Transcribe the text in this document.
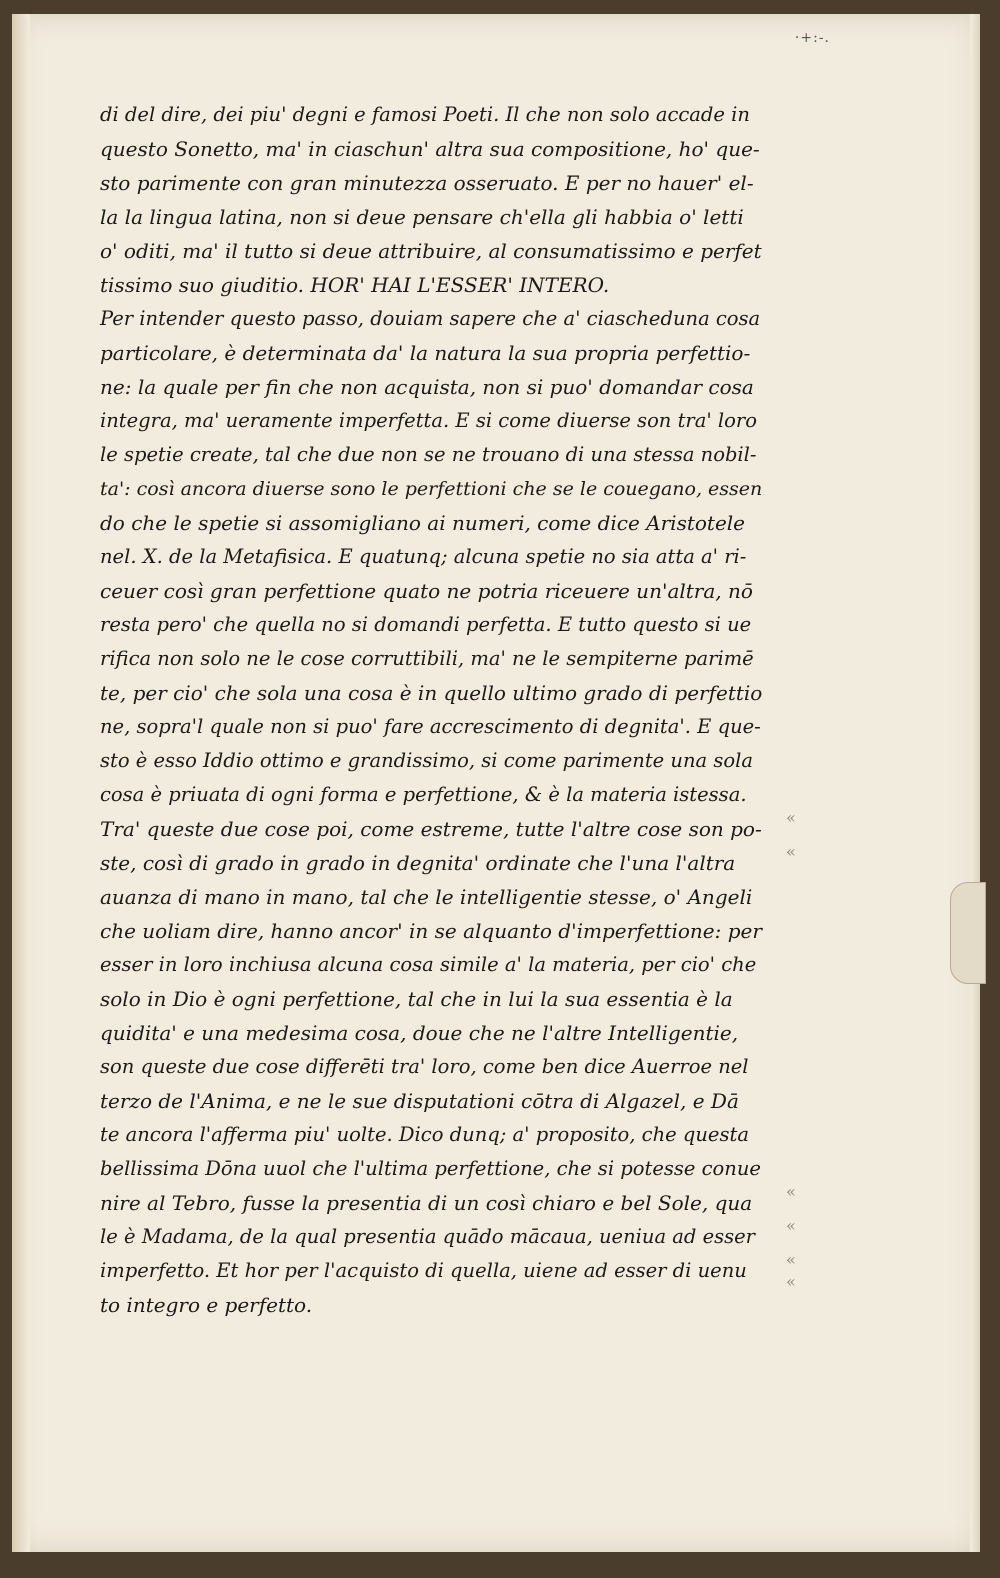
·+:-.
di del dire, dei piu' degni e famosi Poeti. Il che non solo accade in
questo Sonetto, ma' in ciaschun' altra sua compositione, ho' que-
sto parimente con gran minutezza osseruato. E per no hauer' el-
la la lingua latina, non si deue pensare ch'ella gli habbia o' letti
o' oditi, ma' il tutto si deue attribuire, al consumatissimo e perfet
tissimo suo giuditio. HOR' HAI L'ESSER' INTERO.
Per intender questo passo, douiam sapere che a' ciascheduna cosa
particolare, è determinata da' la natura la sua propria perfettio-
ne: la quale per fin che non acquista, non si puo' domandar cosa
integra, ma' ueramente imperfetta. E si come diuerse son tra' loro
le spetie create, tal che due non se ne trouano di una stessa nobil-
ta': così ancora diuerse sono le perfettioni che se le couegano, essen
do che le spetie si assomigliano ai numeri, come dice Aristotele
nel. X. de la Metafisica. E quatunq; alcuna spetie no sia atta a' ri-
ceuer così gran perfettione quato ne potria riceuere un'altra, nō
resta pero' che quella no si domandi perfetta. E tutto questo si ue
rifica non solo ne le cose corruttibili, ma' ne le sempiterne parimē
te, per cio' che sola una cosa è in quello ultimo grado di perfettio
ne, sopra'l quale non si puo' fare accrescimento di degnita'. E que-
sto è esso Iddio ottimo e grandissimo, si come parimente una sola
cosa è priuata di ogni forma e perfettione, & è la materia istessa.
Tra' queste due cose poi, come estreme, tutte l'altre cose son po-
ste, così di grado in grado in degnita' ordinate che l'una l'altra
auanza di mano in mano, tal che le intelligentie stesse, o' Angeli
che uoliam dire, hanno ancor' in se alquanto d'imperfettione: per
esser in loro inchiusa alcuna cosa simile a' la materia, per cio' che
solo in Dio è ogni perfettione, tal che in lui la sua essentia è la
quidita' e una medesima cosa, doue che ne l'altre Intelligentie,
son queste due cose differēti tra' loro, come ben dice Auerroe nel
terzo de l'Anima, e ne le sue disputationi cōtra di Algazel, e Dā
te ancora l'afferma piu' uolte. Dico dunq; a' proposito, che questa
bellissima Dōna uuol che l'ultima perfettione, che si potesse conue
nire al Tebro, fusse la presentia di un così chiaro e bel Sole, qua
le è Madama, de la qual presentia quādo mācaua, ueniua ad esser
imperfetto. Et hor per l'acquisto di quella, uiene ad esser di uenu
to integro e perfetto.
«
«
«
«
«
«
